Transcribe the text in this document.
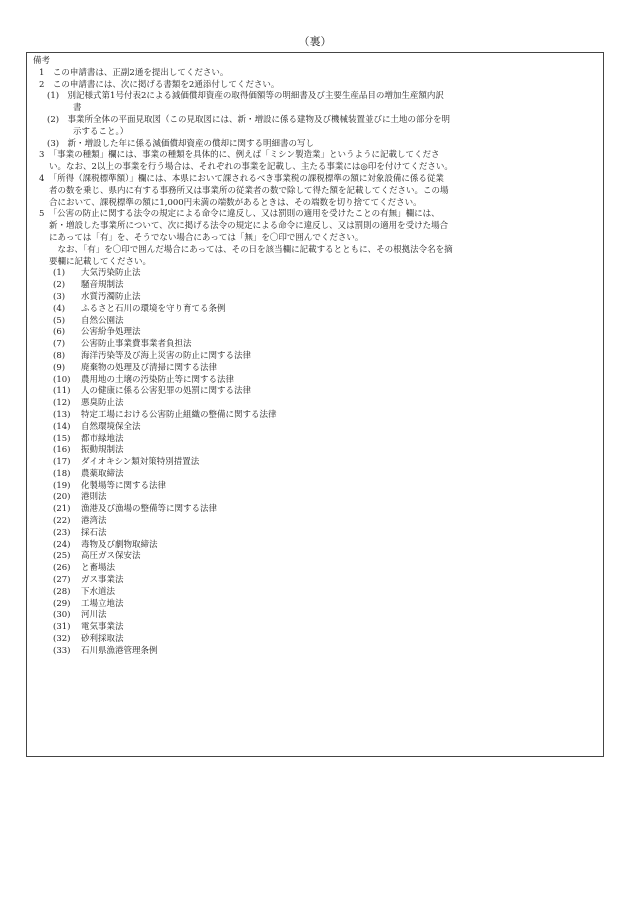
（裏）
備考
1　この申請書は、正副2通を提出してください。
2　この申請書には、次に掲げる書類を2通添付してください。
(1)　別記様式第1号付表2による減価償却資産の取得価額等の明細書及び主要生産品目の増加生産額内訳
書
(2)　事業所全体の平面見取図（この見取図には、新・増設に係る建物及び機械装置並びに土地の部分を明
示すること。）
(3)　新・増設した年に係る減価償却資産の償却に関する明細書の写し
3　「事業の種類」欄には、事業の種類を具体的に、例えば「ミシン製造業」というように記載してくださ
い。なお、2以上の事業を行う場合は、それぞれの事業を記載し、主たる事業には◎印を付けてください。
4　「所得（課税標準額）」欄には、本県において課されるべき事業税の課税標準の額に対象設備に係る従業
者の数を乗じ、県内に有する事務所又は事業所の従業者の数で除して得た額を記載してください。この場
合において、課税標準の額に1,000円未満の端数があるときは、その端数を切り捨ててください。
5　「公害の防止に関する法令の規定による命令に違反し、又は罰則の適用を受けたことの有無」欄には、
新・増設した事業所について、次に掲げる法令の規定による命令に違反し、又は罰則の適用を受けた場合
にあっては「有」を、そうでない場合にあっては「無」を〇印で囲んでください。
　なお、「有」を〇印で囲んだ場合にあっては、その日を該当欄に記載するとともに、その根拠法令名を摘
要欄に記載してください。
(1) 大気汚染防止法
(2) 騒音規制法
(3) 水質汚濁防止法
(4) ふるさと石川の環境を守り育てる条例
(5) 自然公園法
(6) 公害紛争処理法
(7) 公害防止事業費事業者負担法
(8) 海洋汚染等及び海上災害の防止に関する法律
(9) 廃棄物の処理及び清掃に関する法律
(10) 農用地の土壌の汚染防止等に関する法律
(11) 人の健康に係る公害犯罪の処罰に関する法律
(12) 悪臭防止法
(13) 特定工場における公害防止組織の整備に関する法律
(14) 自然環境保全法
(15) 都市緑地法
(16) 振動規制法
(17) ダイオキシン類対策特別措置法
(18) 農薬取締法
(19) 化製場等に関する法律
(20) 港則法
(21) 漁港及び漁場の整備等に関する法律
(22) 港湾法
(23) 採石法
(24) 毒物及び劇物取締法
(25) 高圧ガス保安法
(26) と畜場法
(27) ガス事業法
(28) 下水道法
(29) 工場立地法
(30) 河川法
(31) 電気事業法
(32) 砂利採取法
(33) 石川県漁港管理条例
